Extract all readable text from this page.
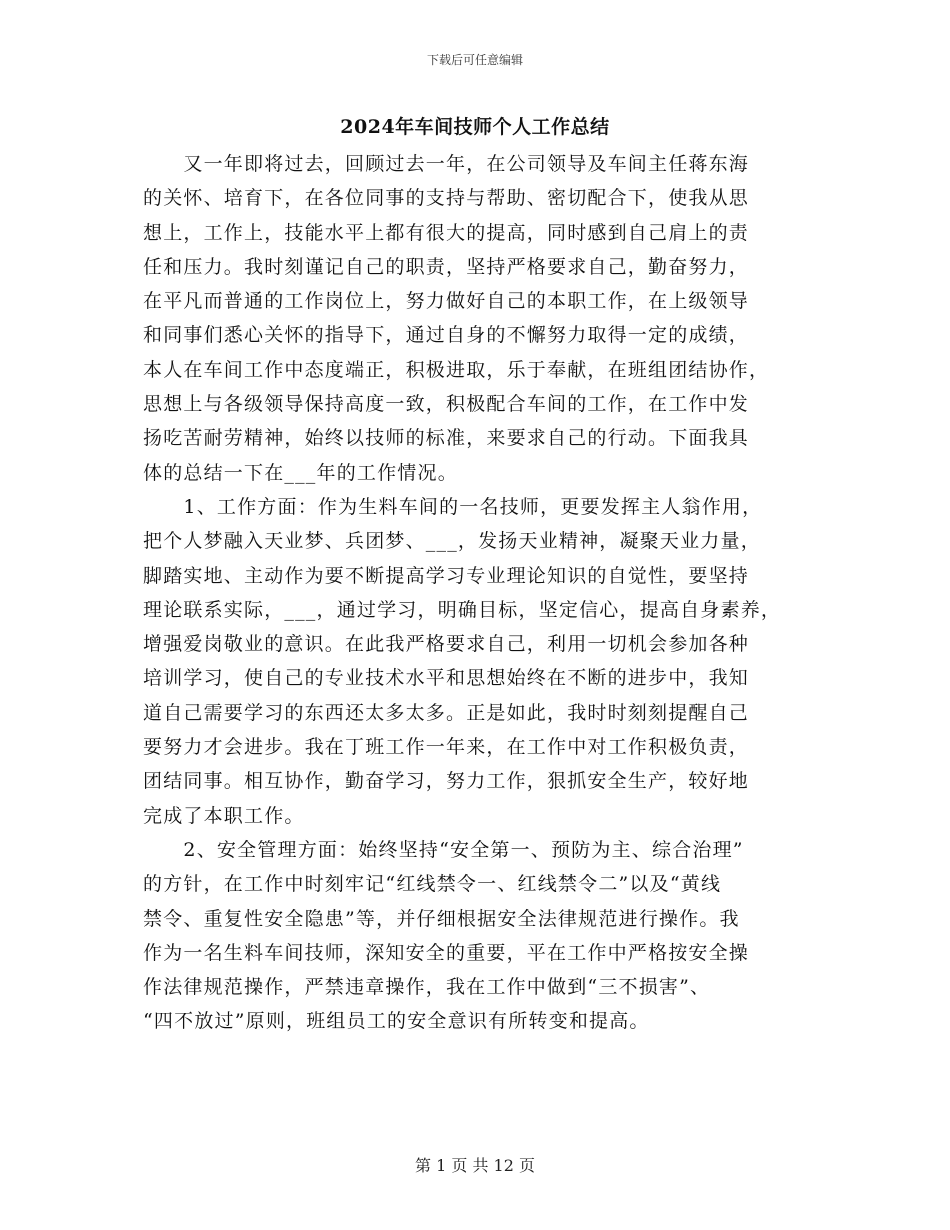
下载后可任意编辑
2024年车间技师个人工作总结
　　又一年即将过去，回顾过去一年，在公司领导及车间主任蒋东海
的关怀、培育下，在各位同事的支持与帮助、密切配合下，使我从思
想上，工作上，技能水平上都有很大的提高，同时感到自己肩上的责
任和压力。我时刻谨记自己的职责，坚持严格要求自己，勤奋努力，
在平凡而普通的工作岗位上，努力做好自己的本职工作，在上级领导
和同事们悉心关怀的指导下，通过自身的不懈努力取得一定的成绩，
本人在车间工作中态度端正，积极进取，乐于奉献，在班组团结协作，
思想上与各级领导保持高度一致，积极配合车间的工作，在工作中发
扬吃苦耐劳精神，始终以技师的标准，来要求自己的行动。下面我具
体的总结一下在___年的工作情况。
　　1、工作方面：作为生料车间的一名技师，更要发挥主人翁作用，
把个人梦融入天业梦、兵团梦、___，发扬天业精神，凝聚天业力量，
脚踏实地、主动作为要不断提高学习专业理论知识的自觉性，要坚持
理论联系实际，___，通过学习，明确目标，坚定信心，提高自身素养，
增强爱岗敬业的意识。在此我严格要求自己，利用一切机会参加各种
培训学习，使自己的专业技术水平和思想始终在不断的进步中，我知
道自己需要学习的东西还太多太多。正是如此，我时时刻刻提醒自己
要努力才会进步。我在丁班工作一年来，在工作中对工作积极负责，
团结同事。相互协作，勤奋学习，努力工作，狠抓安全生产，较好地
完成了本职工作。
　　2、安全管理方面：始终坚持“安全第一、预防为主、综合治理”
的方针，在工作中时刻牢记“红线禁令一、红线禁令二”以及“黄线
禁令、重复性安全隐患”等，并仔细根据安全法律规范进行操作。我
作为一名生料车间技师，深知安全的重要，平在工作中严格按安全操
作法律规范操作，严禁违章操作，我在工作中做到“三不损害”、
“四不放过”原则，班组员工的安全意识有所转变和提高。
第 1 页 共 12 页
